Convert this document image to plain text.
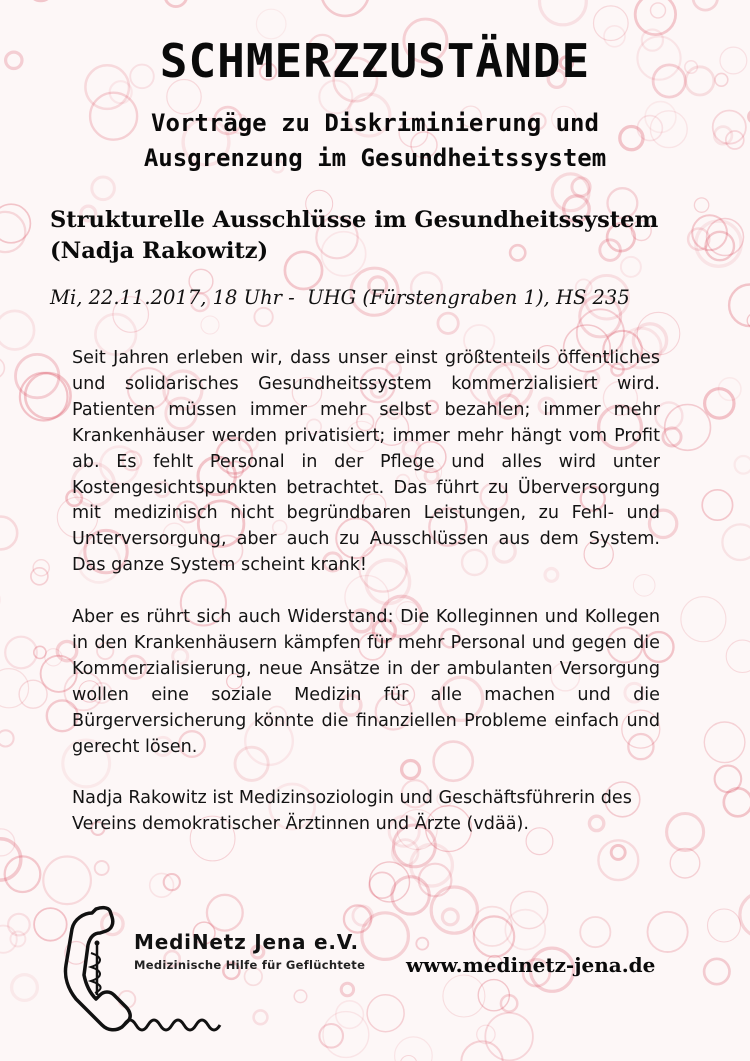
SCHMERZZUSTÄNDE
Vorträge zu Diskriminierung und
Ausgrenzung im Gesundheitssystem
Strukturelle Ausschlüsse im Gesundheitssystem
(Nadja Rakowitz)
Mi, 22.11.2017, 18 Uhr -  UHG (Fürstengraben 1), HS 235

Seit Jahren erleben wir, dass unser einst größtenteils öffentliches und solidarisches Gesundheitssystem kommerzialisiert wird. Patienten müssen immer mehr selbst bezahlen; immer mehr Krankenhäuser werden privatisiert; immer mehr hängt vom Profit ab. Es fehlt Personal in der Pflege und alles wird unter Kostengesichtspunkten betrachtet. Das führt zu Überversorgung mit medizinisch nicht begründbaren Leistungen, zu Fehl- und Unterversorgung, aber auch zu Ausschlüssen aus dem System. Das ganze System scheint krank!

Aber es rührt sich auch Widerstand: Die Kolleginnen und Kollegen in den Krankenhäusern kämpfen für mehr Personal und gegen die Kommerzialisierung, neue Ansätze in der ambulanten Versorgung wollen eine soziale Medizin für alle machen und die Bürgerversicherung könnte die finanziellen Probleme einfach und gerecht lösen.

Nadja Rakowitz ist Medizinsoziologin und Geschäftsführerin des Vereins demokratischer Ärztinnen und Ärzte (vdää).

MediNetz Jena e.V.
Medizinische Hilfe für Geflüchtete www.medinetz-jena.de
